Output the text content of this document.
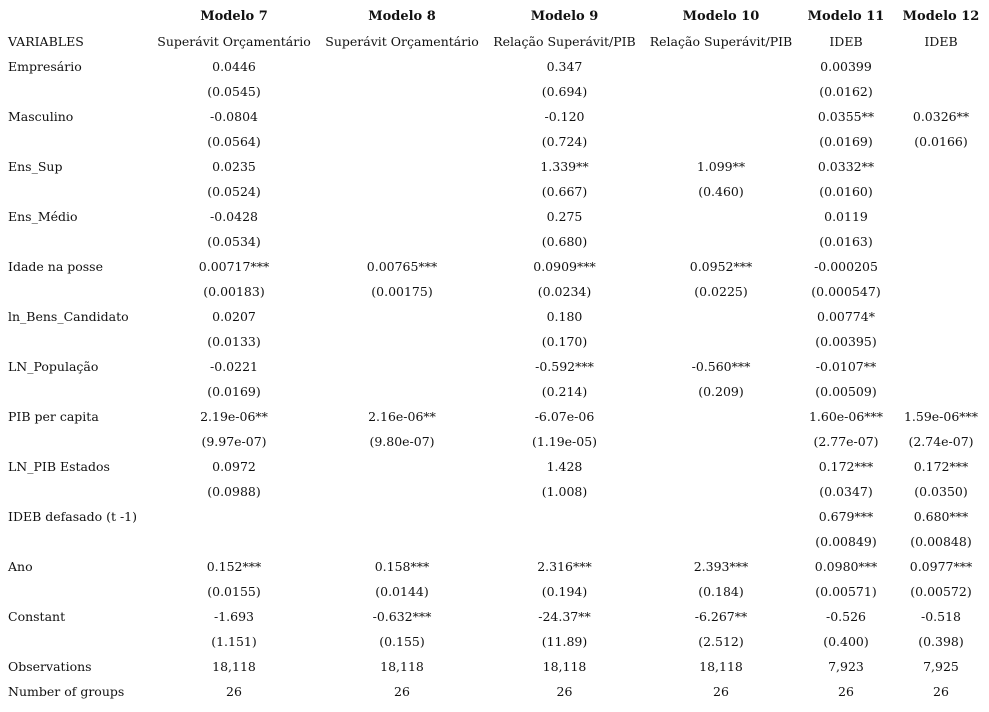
	Modelo 7	Modelo 8	Modelo 9	Modelo 10	Modelo 11	Modelo 12
VARIABLES	Superávit Orçamentário	Superávit Orçamentário	Relação Superávit/PIB	Relação Superávit/PIB	IDEB	IDEB
Empresário	0.0446		0.347		0.00399	
	(0.0545)		(0.694)		(0.0162)	
Masculino	-0.0804		-0.120		0.0355**	0.0326**
	(0.0564)		(0.724)		(0.0169)	(0.0166)
Ens_Sup	0.0235		1.339**	1.099**	0.0332**	
	(0.0524)		(0.667)	(0.460)	(0.0160)	
Ens_Médio	-0.0428		0.275		0.0119	
	(0.0534)		(0.680)		(0.0163)	
Idade na posse	0.00717***	0.00765***	0.0909***	0.0952***	-0.000205	
	(0.00183)	(0.00175)	(0.0234)	(0.0225)	(0.000547)	
ln_Bens_Candidato	0.0207		0.180		0.00774*	
	(0.0133)		(0.170)		(0.00395)	
LN_População	-0.0221		-0.592***	-0.560***	-0.0107**	
	(0.0169)		(0.214)	(0.209)	(0.00509)	
PIB per capita	2.19e-06**	2.16e-06**	-6.07e-06		1.60e-06***	1.59e-06***
	(9.97e-07)	(9.80e-07)	(1.19e-05)		(2.77e-07)	(2.74e-07)
LN_PIB Estados	0.0972		1.428		0.172***	0.172***
	(0.0988)		(1.008)		(0.0347)	(0.0350)
IDEB defasado (t -1)					0.679***	0.680***
					(0.00849)	(0.00848)
Ano	0.152***	0.158***	2.316***	2.393***	0.0980***	0.0977***
	(0.0155)	(0.0144)	(0.194)	(0.184)	(0.00571)	(0.00572)
Constant	-1.693	-0.632***	-24.37**	-6.267**	-0.526	-0.518
	(1.151)	(0.155)	(11.89)	(2.512)	(0.400)	(0.398)
Observations	18,118	18,118	18,118	18,118	7,923	7,925
Number of groups	26	26	26	26	26	26
